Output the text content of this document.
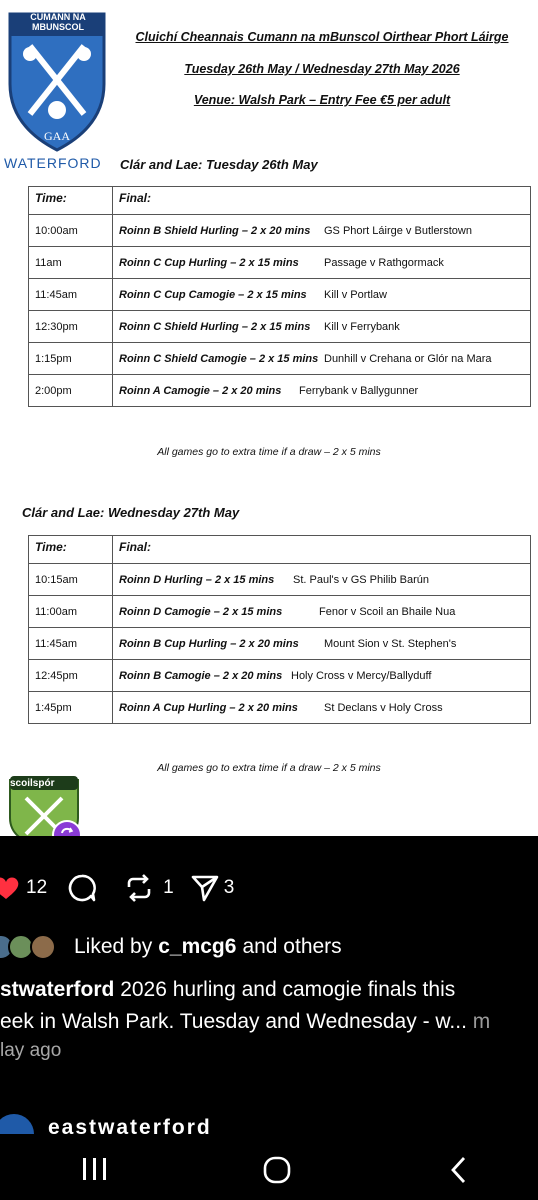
GAA
CUMANN NA MBUNSCOL
WATERFORD
Cluichí Cheannais Cumann na mBunscol Oirthear Phort Láirge
Tuesday 26th May / Wednesday 27th May 2026
Venue: Walsh Park – Entry Fee €5 per adult
Clár and Lae: Tuesday 26th May
Time:	Final:
10:00am	Roinn B Shield Hurling – 2 x 20 mins GS Phort Láirge v Butlerstown
11am	Roinn C Cup Hurling – 2 x 15 mins Passage v Rathgormack
11:45am	Roinn C Cup Camogie – 2 x 15 mins Kill v Portlaw
12:30pm	Roinn C Shield Hurling – 2 x 15 mins Kill v Ferrybank
1:15pm	Roinn C Shield Camogie – 2 x 15 mins Dunhill v Crehana or Glór na Mara
2:00pm	Roinn A Camogie – 2 x 20 mins Ferrybank v Ballygunner
All games go to extra time if a draw – 2 x 5 mins
Clár and Lae: Wednesday 27th May
Time:	Final:
10:15am	Roinn D Hurling – 2 x 15 mins St. Paul's v GS Philib Barún
11:00am	Roinn D Camogie – 2 x 15 mins Fenor v Scoil an Bhaile Nua
11:45am	Roinn B Cup Hurling – 2 x 20 mins Mount Sion v St. Stephen's
12:45pm	Roinn B Camogie – 2 x 20 mins Holy Cross v Mercy/Ballyduff
1:45pm	Roinn A Cup Hurling – 2 x 20 mins St Declans v Holy Cross
All games go to extra time if a draw – 2 x 5 mins
scoilspór
12	1	3
Liked by c_mcg6 and others
stwaterford 2026 hurling and camogie finals this
eek in Walsh Park. Tuesday and Wednesday - w... m
lay ago
eastwaterford
